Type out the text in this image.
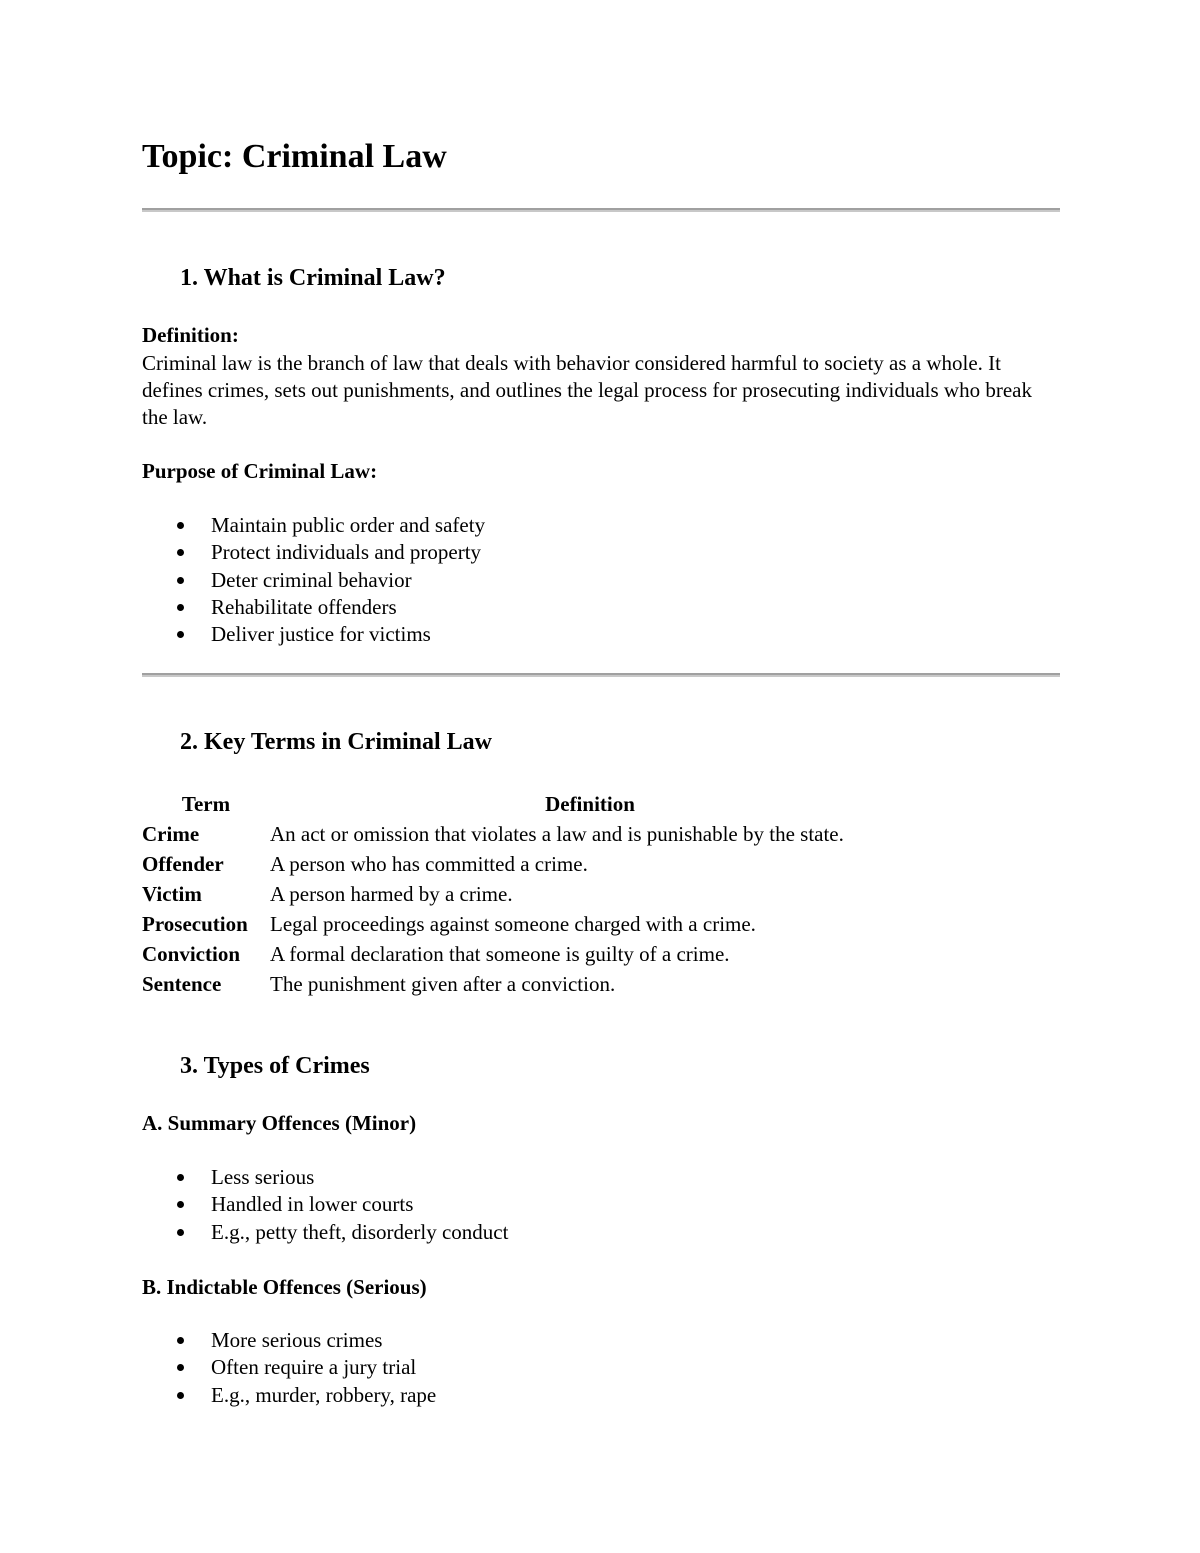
Topic: Criminal Law
1. What is Criminal Law?
Definition:

Criminal law is the branch of law that deals with behavior considered harmful to society as a whole. It defines crimes, sets out punishments, and outlines the legal process for prosecuting individuals who break the law.

Purpose of Criminal Law:
Maintain public order and safety
Protect individuals and property
Deter criminal behavior
Rehabilitate offenders
Deliver justice for victims
2. Key Terms in Criminal Law
Term	Definition
Crime	An act or omission that violates a law and is punishable by the state.
Offender	A person who has committed a crime.
Victim	A person harmed by a crime.
Prosecution	Legal proceedings against someone charged with a crime.
Conviction	A formal declaration that someone is guilty of a crime.
Sentence	The punishment given after a conviction.
3. Types of Crimes
A. Summary Offences (Minor)
Less serious
Handled in lower courts
E.g., petty theft, disorderly conduct
B. Indictable Offences (Serious)
More serious crimes
Often require a jury trial
E.g., murder, robbery, rape
